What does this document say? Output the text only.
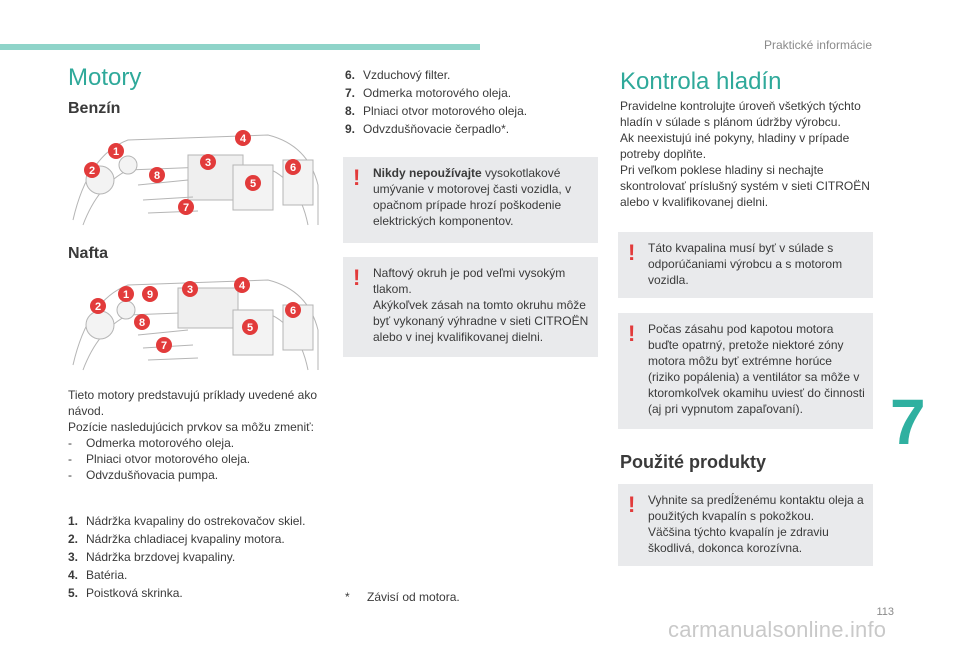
Praktické informácie
Motory
Benzín
1
2
3
4
5
6
7
8
Nafta
1
2
3	4
5
6
7
8
9
Tieto motory predstavujú príklady uvedené ako návod.
Pozície nasledujúcich prvkov sa môžu zmeniť:
-	Odmerka motorového oleja.
-	Plniaci otvor motorového oleja.
-	Odvzdušňovacia pumpa.
1. Nádržka kvapaliny do ostrekovačov skiel.
2. Nádržka chladiacej kvapaliny motora.
3. Nádržka brzdovej kvapaliny.
4. Batéria.
5. Poistková skrinka.
6. Vzduchový filter.
7. Odmerka motorového oleja.
8. Plniaci otvor motorového oleja.
9. Odvzdušňovacie čerpadlo*.
! Nikdy nepoužívajte vysokotlakové umývanie v motorovej časti vozidla, v opačnom prípade hrozí poškodenie elektrických komponentov.
! Naftový okruh je pod veľmi vysokým tlakom.
Akýkoľvek zásah na tomto okruhu môže byť vykonaný výhradne v sieti CITROËN alebo v inej kvalifikovanej dielni.
* Závisí od motora.
Kontrola hladín
Pravidelne kontrolujte úroveň všetkých týchto hladín v súlade s plánom údržby výrobcu.
Ak neexistujú iné pokyny, hladiny v prípade potreby doplňte.
Pri veľkom poklese hladiny si nechajte skontrolovať príslušný systém v sieti CITROËN alebo v kvalifikovanej dielni.
! Táto kvapalina musí byť v súlade s odporúčaniami výrobcu a s motorom vozidla.
! Počas zásahu pod kapotou motora buďte opatrný, pretože niektoré zóny motora môžu byť extrémne horúce (riziko popálenia) a ventilátor sa môže v ktoromkoľvek okamihu uviesť do činnosti (aj pri vypnutom zapaľovaní).
Použité produkty
! Vyhnite sa predĺženému kontaktu oleja a použitých kvapalín s pokožkou.
Väčšina týchto kvapalín je zdraviu škodlivá, dokonca korozívna.
7
113
carmanualsonline.info
